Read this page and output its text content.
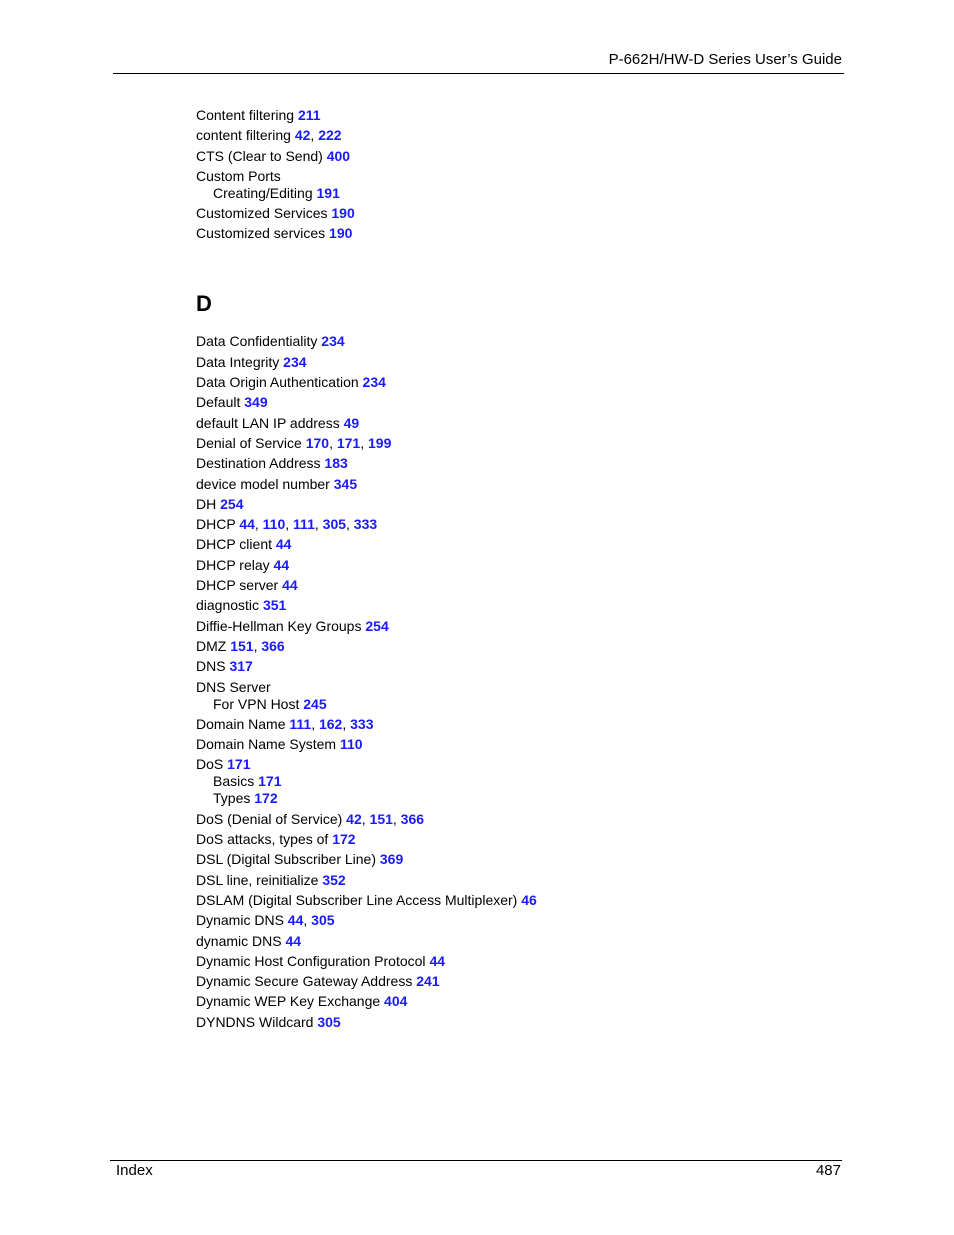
P-662H/HW-D Series User’s Guide
Content filtering 211
content filtering 42, 222
CTS (Clear to Send) 400
Custom Ports
Creating/Editing 191
Customized Services 190
Customized services 190
D
Data Confidentiality 234
Data Integrity 234
Data Origin Authentication 234
Default 349
default LAN IP address 49
Denial of Service 170, 171, 199
Destination Address 183
device model number 345
DH 254
DHCP 44, 110, 111, 305, 333
DHCP client 44
DHCP relay 44
DHCP server 44
diagnostic 351
Diffie-Hellman Key Groups 254
DMZ 151, 366
DNS 317
DNS Server
For VPN Host 245
Domain Name 111, 162, 333
Domain Name System 110
DoS 171
Basics 171
Types 172
DoS (Denial of Service) 42, 151, 366
DoS attacks, types of 172
DSL (Digital Subscriber Line) 369
DSL line, reinitialize 352
DSLAM (Digital Subscriber Line Access Multiplexer) 46
Dynamic DNS 44, 305
dynamic DNS 44
Dynamic Host Configuration Protocol 44
Dynamic Secure Gateway Address 241
Dynamic WEP Key Exchange 404
DYNDNS Wildcard 305
Index	487
